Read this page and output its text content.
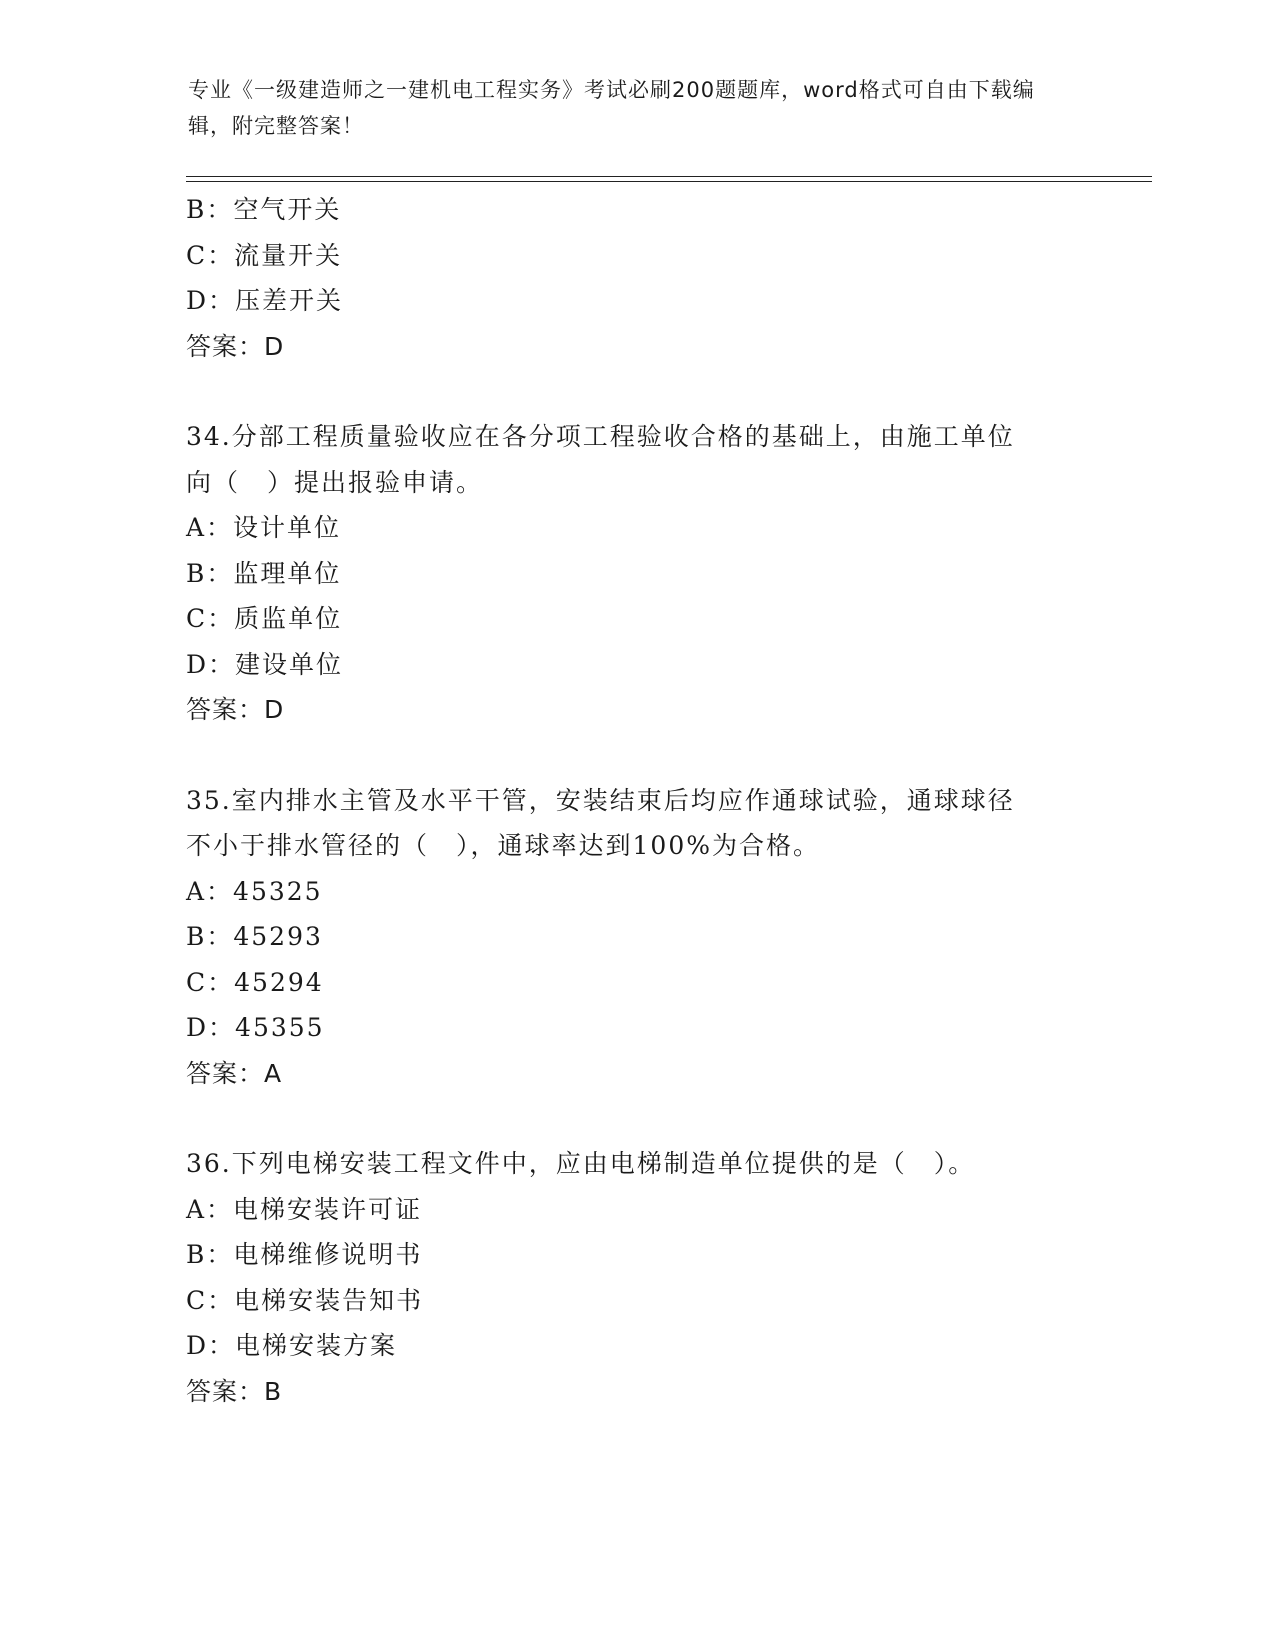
专业《一级建造师之一建机电工程实务》考试必刷200题题库，word格式可自由下载编辑，附完整答案！
B：空气开关
C：流量开关
D：压差开关
答案：D
34.分部工程质量验收应在各分项工程验收合格的基础上，由施工单位
向（　）提出报验申请。
A：设计单位
B：监理单位
C：质监单位
D：建设单位
答案：D
35.室内排水主管及水平干管，安装结束后均应作通球试验，通球球径
不小于排水管径的（　），通球率达到100%为合格。
A：45325
B：45293
C：45294
D：45355
答案：A
36.下列电梯安装工程文件中，应由电梯制造单位提供的是（　）。
A：电梯安装许可证
B：电梯维修说明书
C：电梯安装告知书
D：电梯安装方案
答案：B
